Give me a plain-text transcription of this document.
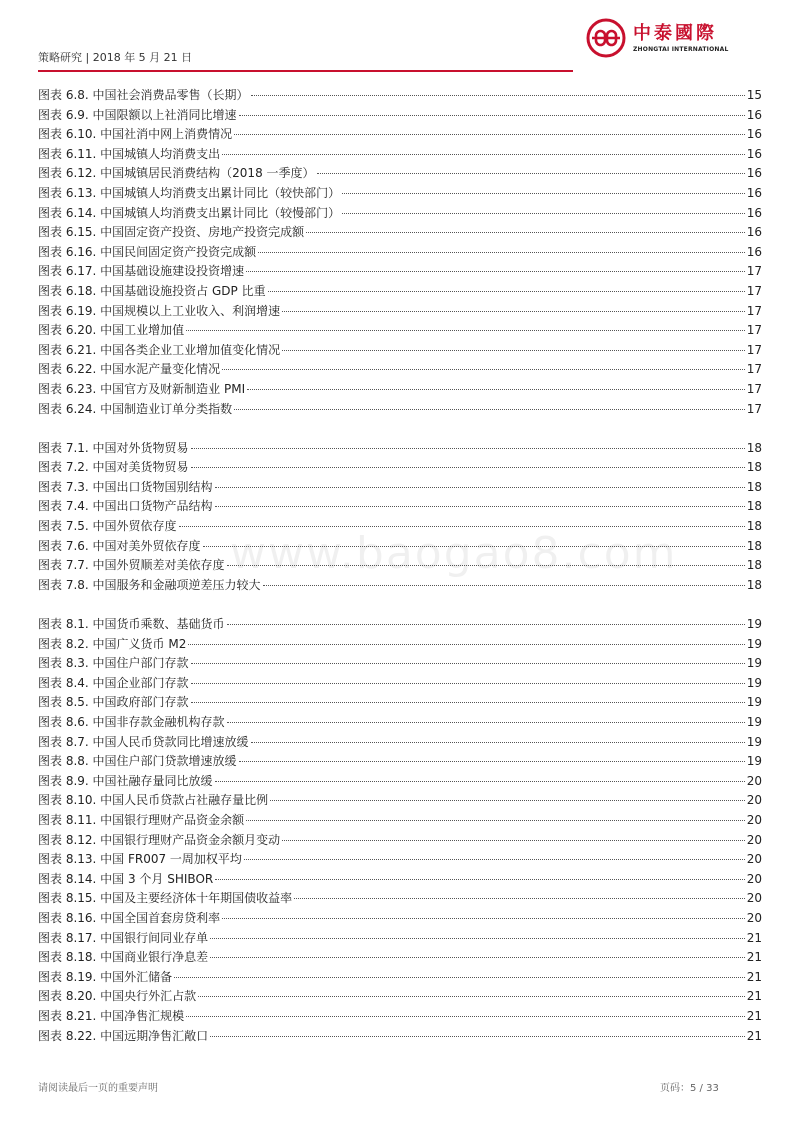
策略研究 | 2018 年 5 月 21 日
中泰國際
ZHONGTAI INTERNATIONAL
www.baogao8.com
图表 6.8. 中国社会消费品零售（长期）	15
图表 6.9. 中国限额以上社消同比增速	16
图表 6.10. 中国社消中网上消费情况	16
图表 6.11. 中国城镇人均消费支出	16
图表 6.12. 中国城镇居民消费结构（2018 一季度）	16
图表 6.13. 中国城镇人均消费支出累计同比（较快部门）	16
图表 6.14. 中国城镇人均消费支出累计同比（较慢部门）	16
图表 6.15. 中国固定资产投资、房地产投资完成额	16
图表 6.16. 中国民间固定资产投资完成额	16
图表 6.17. 中国基础设施建设投资增速	17
图表 6.18. 中国基础设施投资占 GDP 比重	17
图表 6.19. 中国规模以上工业收入、利润增速	17
图表 6.20. 中国工业增加值	17
图表 6.21. 中国各类企业工业增加值变化情况	17
图表 6.22. 中国水泥产量变化情况	17
图表 6.23. 中国官方及财新制造业 PMI	17
图表 6.24. 中国制造业订单分类指数	17
图表 7.1. 中国对外货物贸易	18
图表 7.2. 中国对美货物贸易	18
图表 7.3. 中国出口货物国别结构	18
图表 7.4. 中国出口货物产品结构	18
图表 7.5. 中国外贸依存度	18
图表 7.6. 中国对美外贸依存度	18
图表 7.7. 中国外贸顺差对美依存度	18
图表 7.8. 中国服务和金融项逆差压力较大	18
图表 8.1. 中国货币乘数、基础货币	19
图表 8.2. 中国广义货币 M2	19
图表 8.3. 中国住户部门存款	19
图表 8.4. 中国企业部门存款	19
图表 8.5. 中国政府部门存款	19
图表 8.6. 中国非存款金融机构存款	19
图表 8.7. 中国人民币贷款同比增速放缓	19
图表 8.8. 中国住户部门贷款增速放缓	19
图表 8.9. 中国社融存量同比放缓	20
图表 8.10. 中国人民币贷款占社融存量比例	20
图表 8.11. 中国银行理财产品资金余额	20
图表 8.12. 中国银行理财产品资金余额月变动	20
图表 8.13. 中国 FR007 一周加权平均	20
图表 8.14. 中国 3 个月 SHIBOR	20
图表 8.15. 中国及主要经济体十年期国债收益率	20
图表 8.16. 中国全国首套房贷利率	20
图表 8.17. 中国银行间同业存单	21
图表 8.18. 中国商业银行净息差	21
图表 8.19. 中国外汇储备	21
图表 8.20. 中国央行外汇占款	21
图表 8.21. 中国净售汇规模	21
图表 8.22. 中国远期净售汇敞口	21
请阅读最后一页的重要声明	页码：5 / 33
